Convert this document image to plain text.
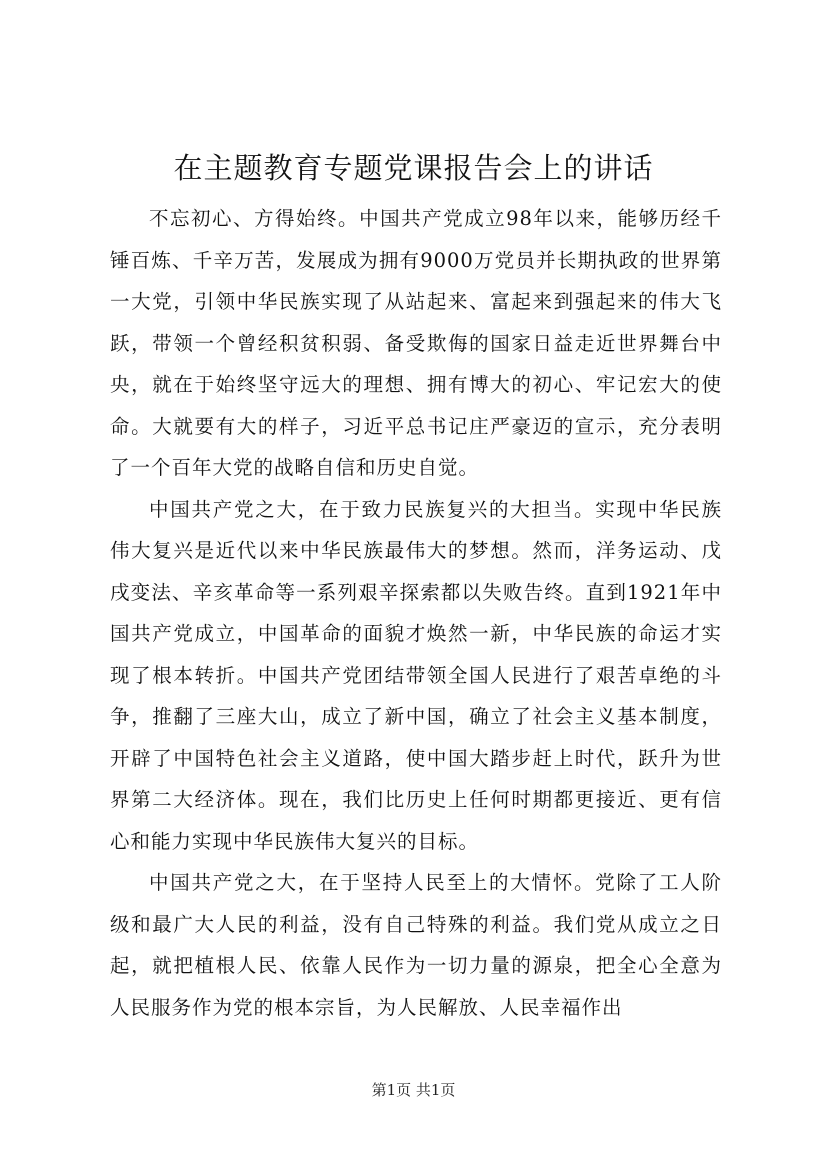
在主题教育专题党课报告会上的讲话

不忘初心、方得始终。中国共产党成立98年以来，能够历经千锤百炼、千辛万苦，发展成为拥有9000万党员并长期执政的世界第一大党，引领中华民族实现了从站起来、富起来到强起来的伟大飞跃，带领一个曾经积贫积弱、备受欺侮的国家日益走近世界舞台中央，就在于始终坚守远大的理想、拥有博大的初心、牢记宏大的使命。大就要有大的样子，习近平总书记庄严豪迈的宣示，充分表明了一个百年大党的战略自信和历史自觉。

中国共产党之大，在于致力民族复兴的大担当。实现中华民族伟大复兴是近代以来中华民族最伟大的梦想。然而，洋务运动、戊戌变法、辛亥革命等一系列艰辛探索都以失败告终。直到1921年中国共产党成立，中国革命的面貌才焕然一新，中华民族的命运才实现了根本转折。中国共产党团结带领全国人民进行了艰苦卓绝的斗争，推翻了三座大山，成立了新中国，确立了社会主义基本制度，开辟了中国特色社会主义道路，使中国大踏步赶上时代，跃升为世界第二大经济体。现在，我们比历史上任何时期都更接近、更有信心和能力实现中华民族伟大复兴的目标。

中国共产党之大，在于坚持人民至上的大情怀。党除了工人阶级和最广大人民的利益，没有自己特殊的利益。我们党从成立之日起，就把植根人民、依靠人民作为一切力量的源泉，把全心全意为人民服务作为党的根本宗旨，为人民解放、人民幸福作出

第1页 共1页
